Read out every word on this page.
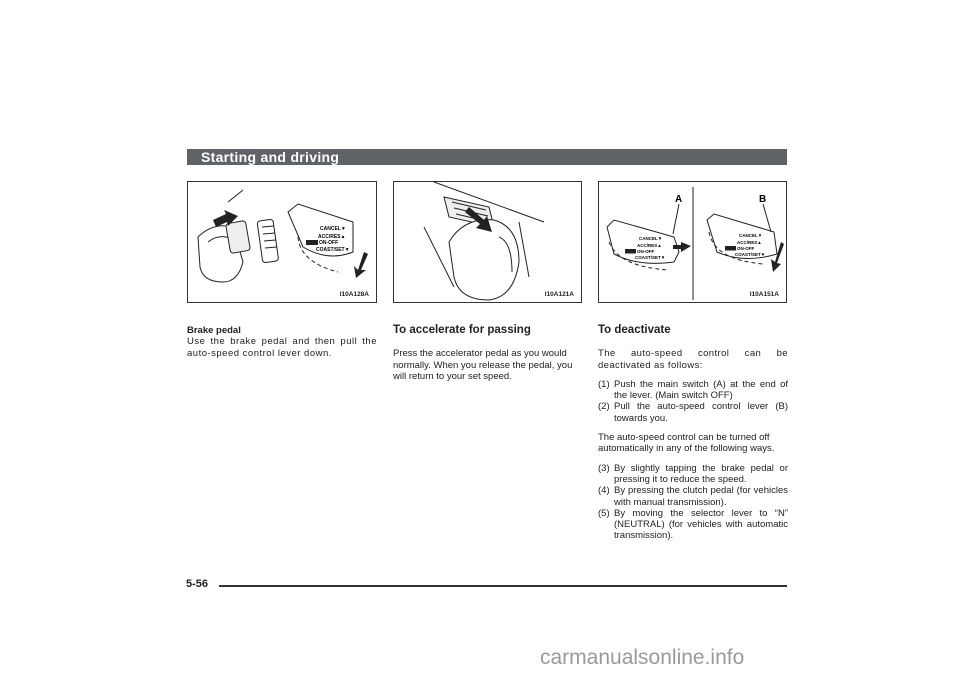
Starting and driving
CANCEL▼
ACC/RES▲
ON-OFF
COAST/SET▼
I10A128A	I10A121A
A	B
CANCEL▼
ACC/RES▲
ON-OFF
COAST/SET▼
CANCEL▼
ACC/RES▲
ON-OFF
COAST/SET▼
I10A151A
Brake pedal

Use the brake pedal and then pull the auto-speed control lever down.

To accelerate for passing

Press the accelerator pedal as you would normally. When you release the pedal, you will return to your set speed.

To deactivate

The auto-speed control can be deactivated as follows:

(1) Push the main switch (A) at the end of the lever. (Main switch OFF)
(2) Pull the auto-speed control lever (B) towards you.

The auto-speed control can be turned off automatically in any of the following ways.

(3) By slightly tapping the brake pedal or pressing it to reduce the speed.
(4) By pressing the clutch pedal (for vehicles with manual transmission).
(5) By moving the selector lever to “N” (NEUTRAL) (for vehicles with automatic transmission).
5-56
carmanualsonline.info
